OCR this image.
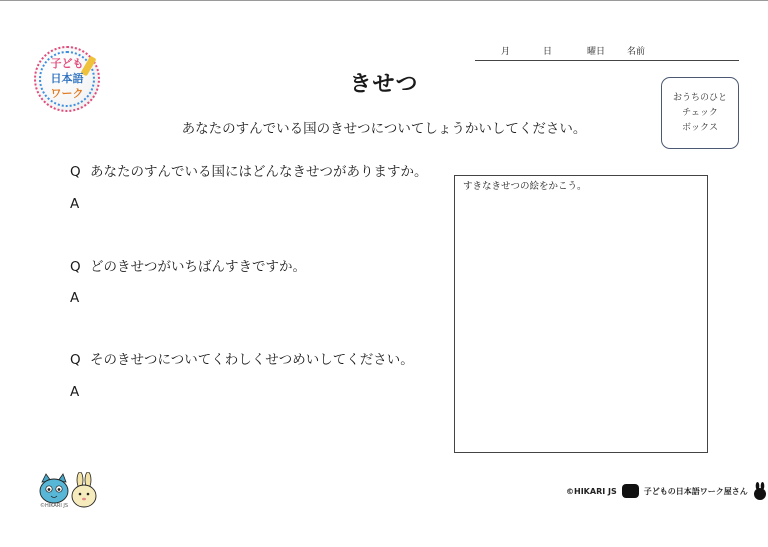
子ども
日本語
ワーク
月	日	曜日 名前
きせつ
おうちのひと
チェック
ボックス
あなたのすんでいる国のきせつについてしょうかいしてください。
Q あなたのすんでいる国にはどんなきせつがありますか。
A
Q どのきせつがいちばんすきですか。
A
Q そのきせつについてくわしくせつめいしてください。
A
すきなきせつの絵をかこう。
©HIKARI JS
©HIKARI JS	子どもの日本語ワーク屋さん
